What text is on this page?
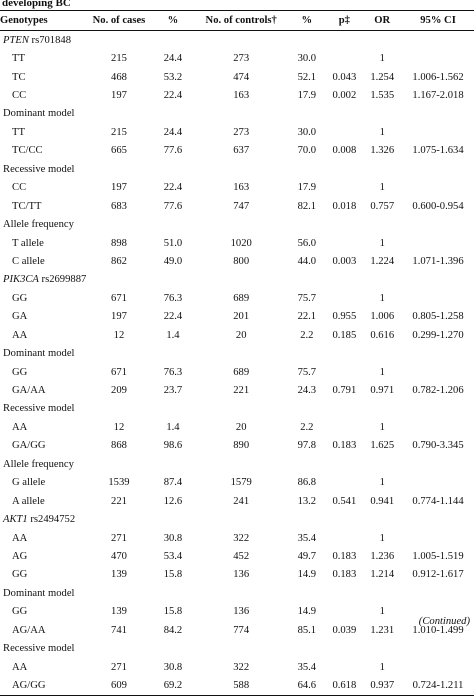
developing BC
Genotypes	No. of cases	%	No. of controls†	%	p‡	OR	95% CI
PTEN rs701848							
TT	215	24.4	273	30.0		1	
TC	468	53.2	474	52.1	0.043	1.254	1.006-1.562
CC	197	22.4	163	17.9	0.002	1.535	1.167-2.018
Dominant model							
TT	215	24.4	273	30.0		1	
TC/CC	665	77.6	637	70.0	0.008	1.326	1.075-1.634
Recessive model							
CC	197	22.4	163	17.9		1	
TC/TT	683	77.6	747	82.1	0.018	0.757	0.600-0.954
Allele frequency							
T allele	898	51.0	1020	56.0		1	
C allele	862	49.0	800	44.0	0.003	1.224	1.071-1.396
PIK3CA rs2699887							
GG	671	76.3	689	75.7		1	
GA	197	22.4	201	22.1	0.955	1.006	0.805-1.258
AA	12	1.4	20	2.2	0.185	0.616	0.299-1.270
Dominant model							
GG	671	76.3	689	75.7		1	
GA/AA	209	23.7	221	24.3	0.791	0.971	0.782-1.206
Recessive model							
AA	12	1.4	20	2.2		1	
GA/GG	868	98.6	890	97.8	0.183	1.625	0.790-3.345
Allele frequency							
G allele	1539	87.4	1579	86.8		1	
A allele	221	12.6	241	13.2	0.541	0.941	0.774-1.144
AKT1 rs2494752							
AA	271	30.8	322	35.4		1	
AG	470	53.4	452	49.7	0.183	1.236	1.005-1.519
GG	139	15.8	136	14.9	0.183	1.214	0.912-1.617
Dominant model							
GG	139	15.8	136	14.9		1	
AG/AA	741	84.2	774	85.1	0.039	1.231	1.010-1.499
Recessive model							
AA	271	30.8	322	35.4		1	
AG/GG	609	69.2	588	64.6	0.618	0.937	0.724-1.211
(Continued)
